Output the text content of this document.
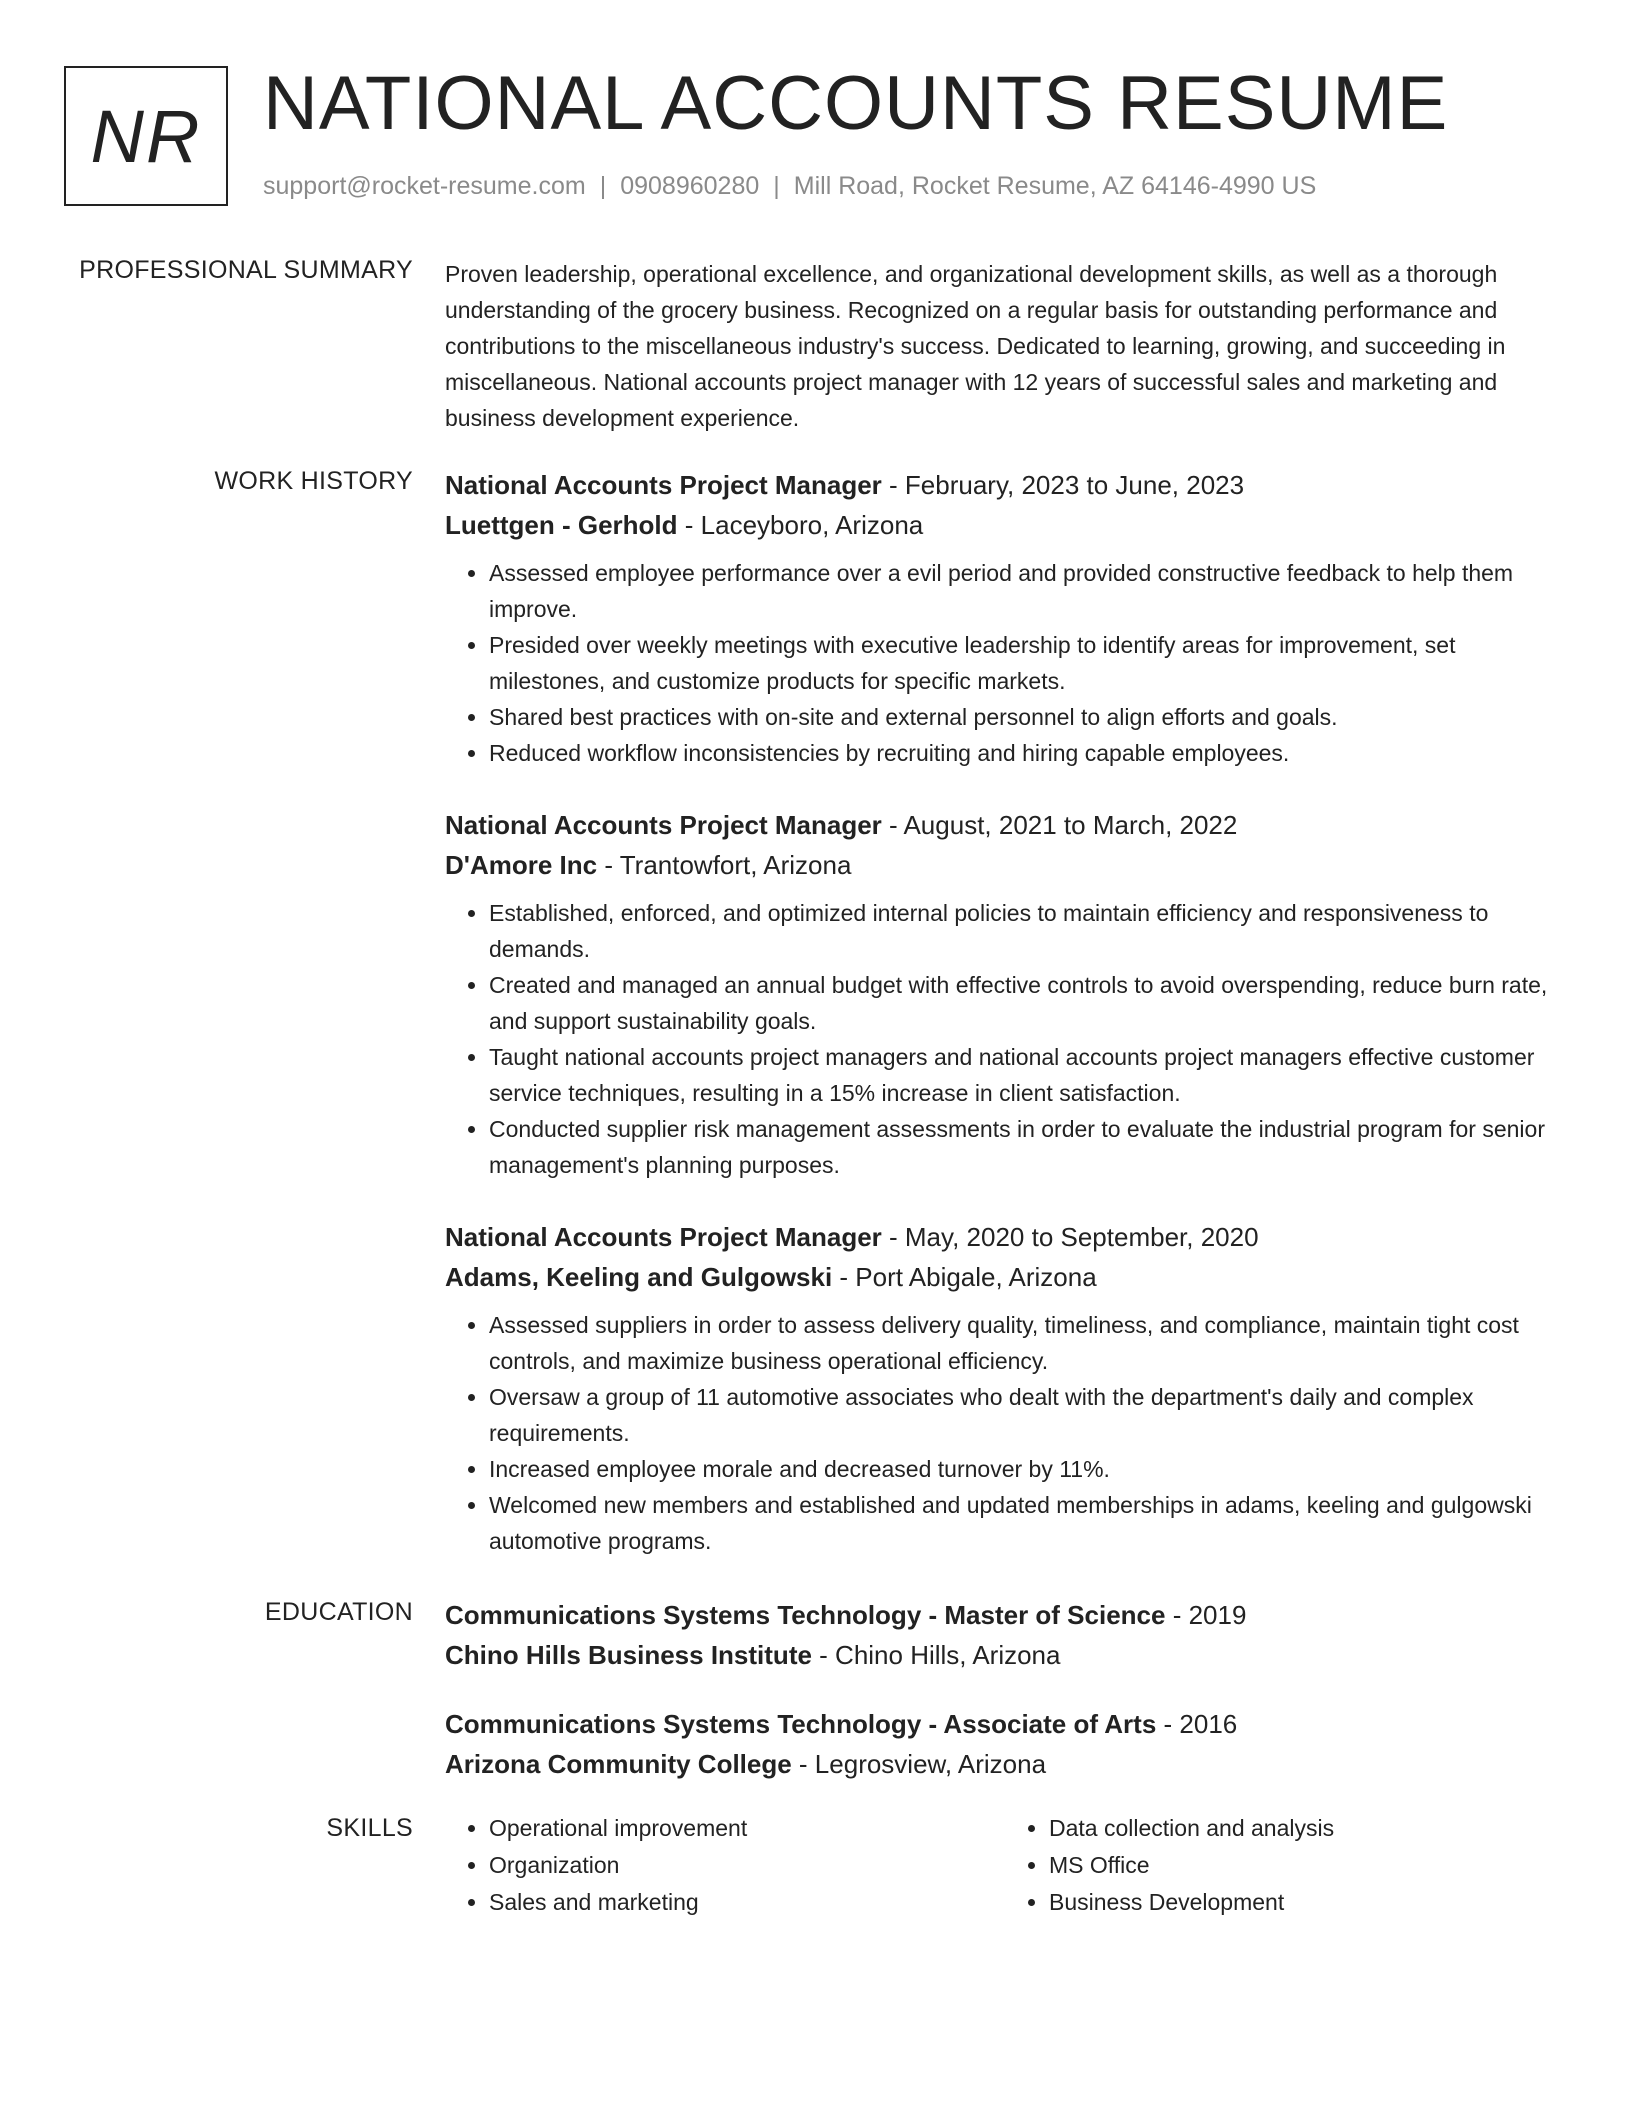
NR NATIONAL ACCOUNTS RESUME
support@rocket-resume.com | 0908960280 | Mill Road, Rocket Resume, AZ 64146-4990 US
PROFESSIONAL SUMMARY Proven leadership, operational excellence, and organizational development skills, as well as a thorough understanding of the grocery business. Recognized on a regular basis for outstanding performance and contributions to the miscellaneous industry's success. Dedicated to learning, growing, and succeeding in miscellaneous. National accounts project manager with 12 years of successful sales and marketing and business development experience.

WORK HISTORY National Accounts Project Manager - February, 2023 to June, 2023
Luettgen - Gerhold - Laceyboro, Arizona
• Assessed employee performance over a evil period and provided constructive feedback to help them improve.
• Presided over weekly meetings with executive leadership to identify areas for improvement, set milestones, and customize products for specific markets.
• Shared best practices with on-site and external personnel to align efforts and goals.
• Reduced workflow inconsistencies by recruiting and hiring capable employees.
National Accounts Project Manager - August, 2021 to March, 2022
D'Amore Inc - Trantowfort, Arizona
• Established, enforced, and optimized internal policies to maintain efficiency and responsiveness to demands.
• Created and managed an annual budget with effective controls to avoid overspending, reduce burn rate, and support sustainability goals.
• Taught national accounts project managers and national accounts project managers effective customer service techniques, resulting in a 15% increase in client satisfaction.
• Conducted supplier risk management assessments in order to evaluate the industrial program for senior management's planning purposes.
National Accounts Project Manager - May, 2020 to September, 2020
Adams, Keeling and Gulgowski - Port Abigale, Arizona
• Assessed suppliers in order to assess delivery quality, timeliness, and compliance, maintain tight cost controls, and maximize business operational efficiency.
• Oversaw a group of 11 automotive associates who dealt with the department's daily and complex requirements.
• Increased employee morale and decreased turnover by 11%.
• Welcomed new members and established and updated memberships in adams, keeling and gulgowski automotive programs.
EDUCATION Communications Systems Technology - Master of Science - 2019
Chino Hills Business Institute - Chino Hills, Arizona
Communications Systems Technology - Associate of Arts - 2016
Arizona Community College - Legrosview, Arizona
SKILLS
•	Operational improvement
• Organization
• Sales and marketing
• Data collection and analysis
• MS Office
• Business Development
